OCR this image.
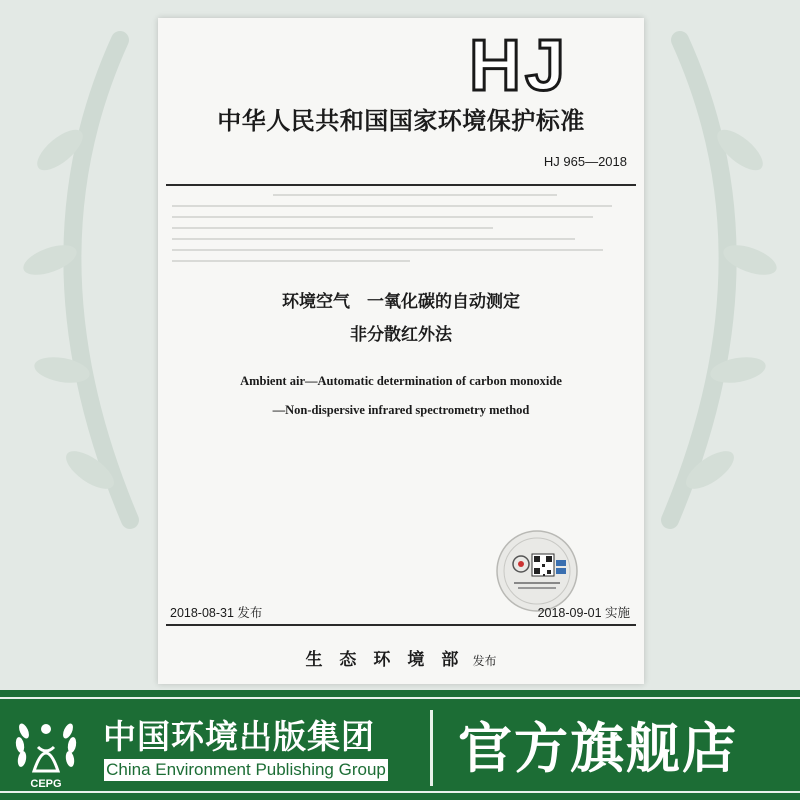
HJ
中华人民共和国国家环境保护标准
HJ 965—2018
环境空气　一氧化碳的自动测定
非分散红外法
Ambient air—Automatic determination of carbon monoxide
—Non-dispersive infrared spectrometry method
2018-08-31 发布	2018-09-01 实施
生态环境部 发布
CEPG
中国环境出版集团
China Environment Publishing Group 官方旗舰店
